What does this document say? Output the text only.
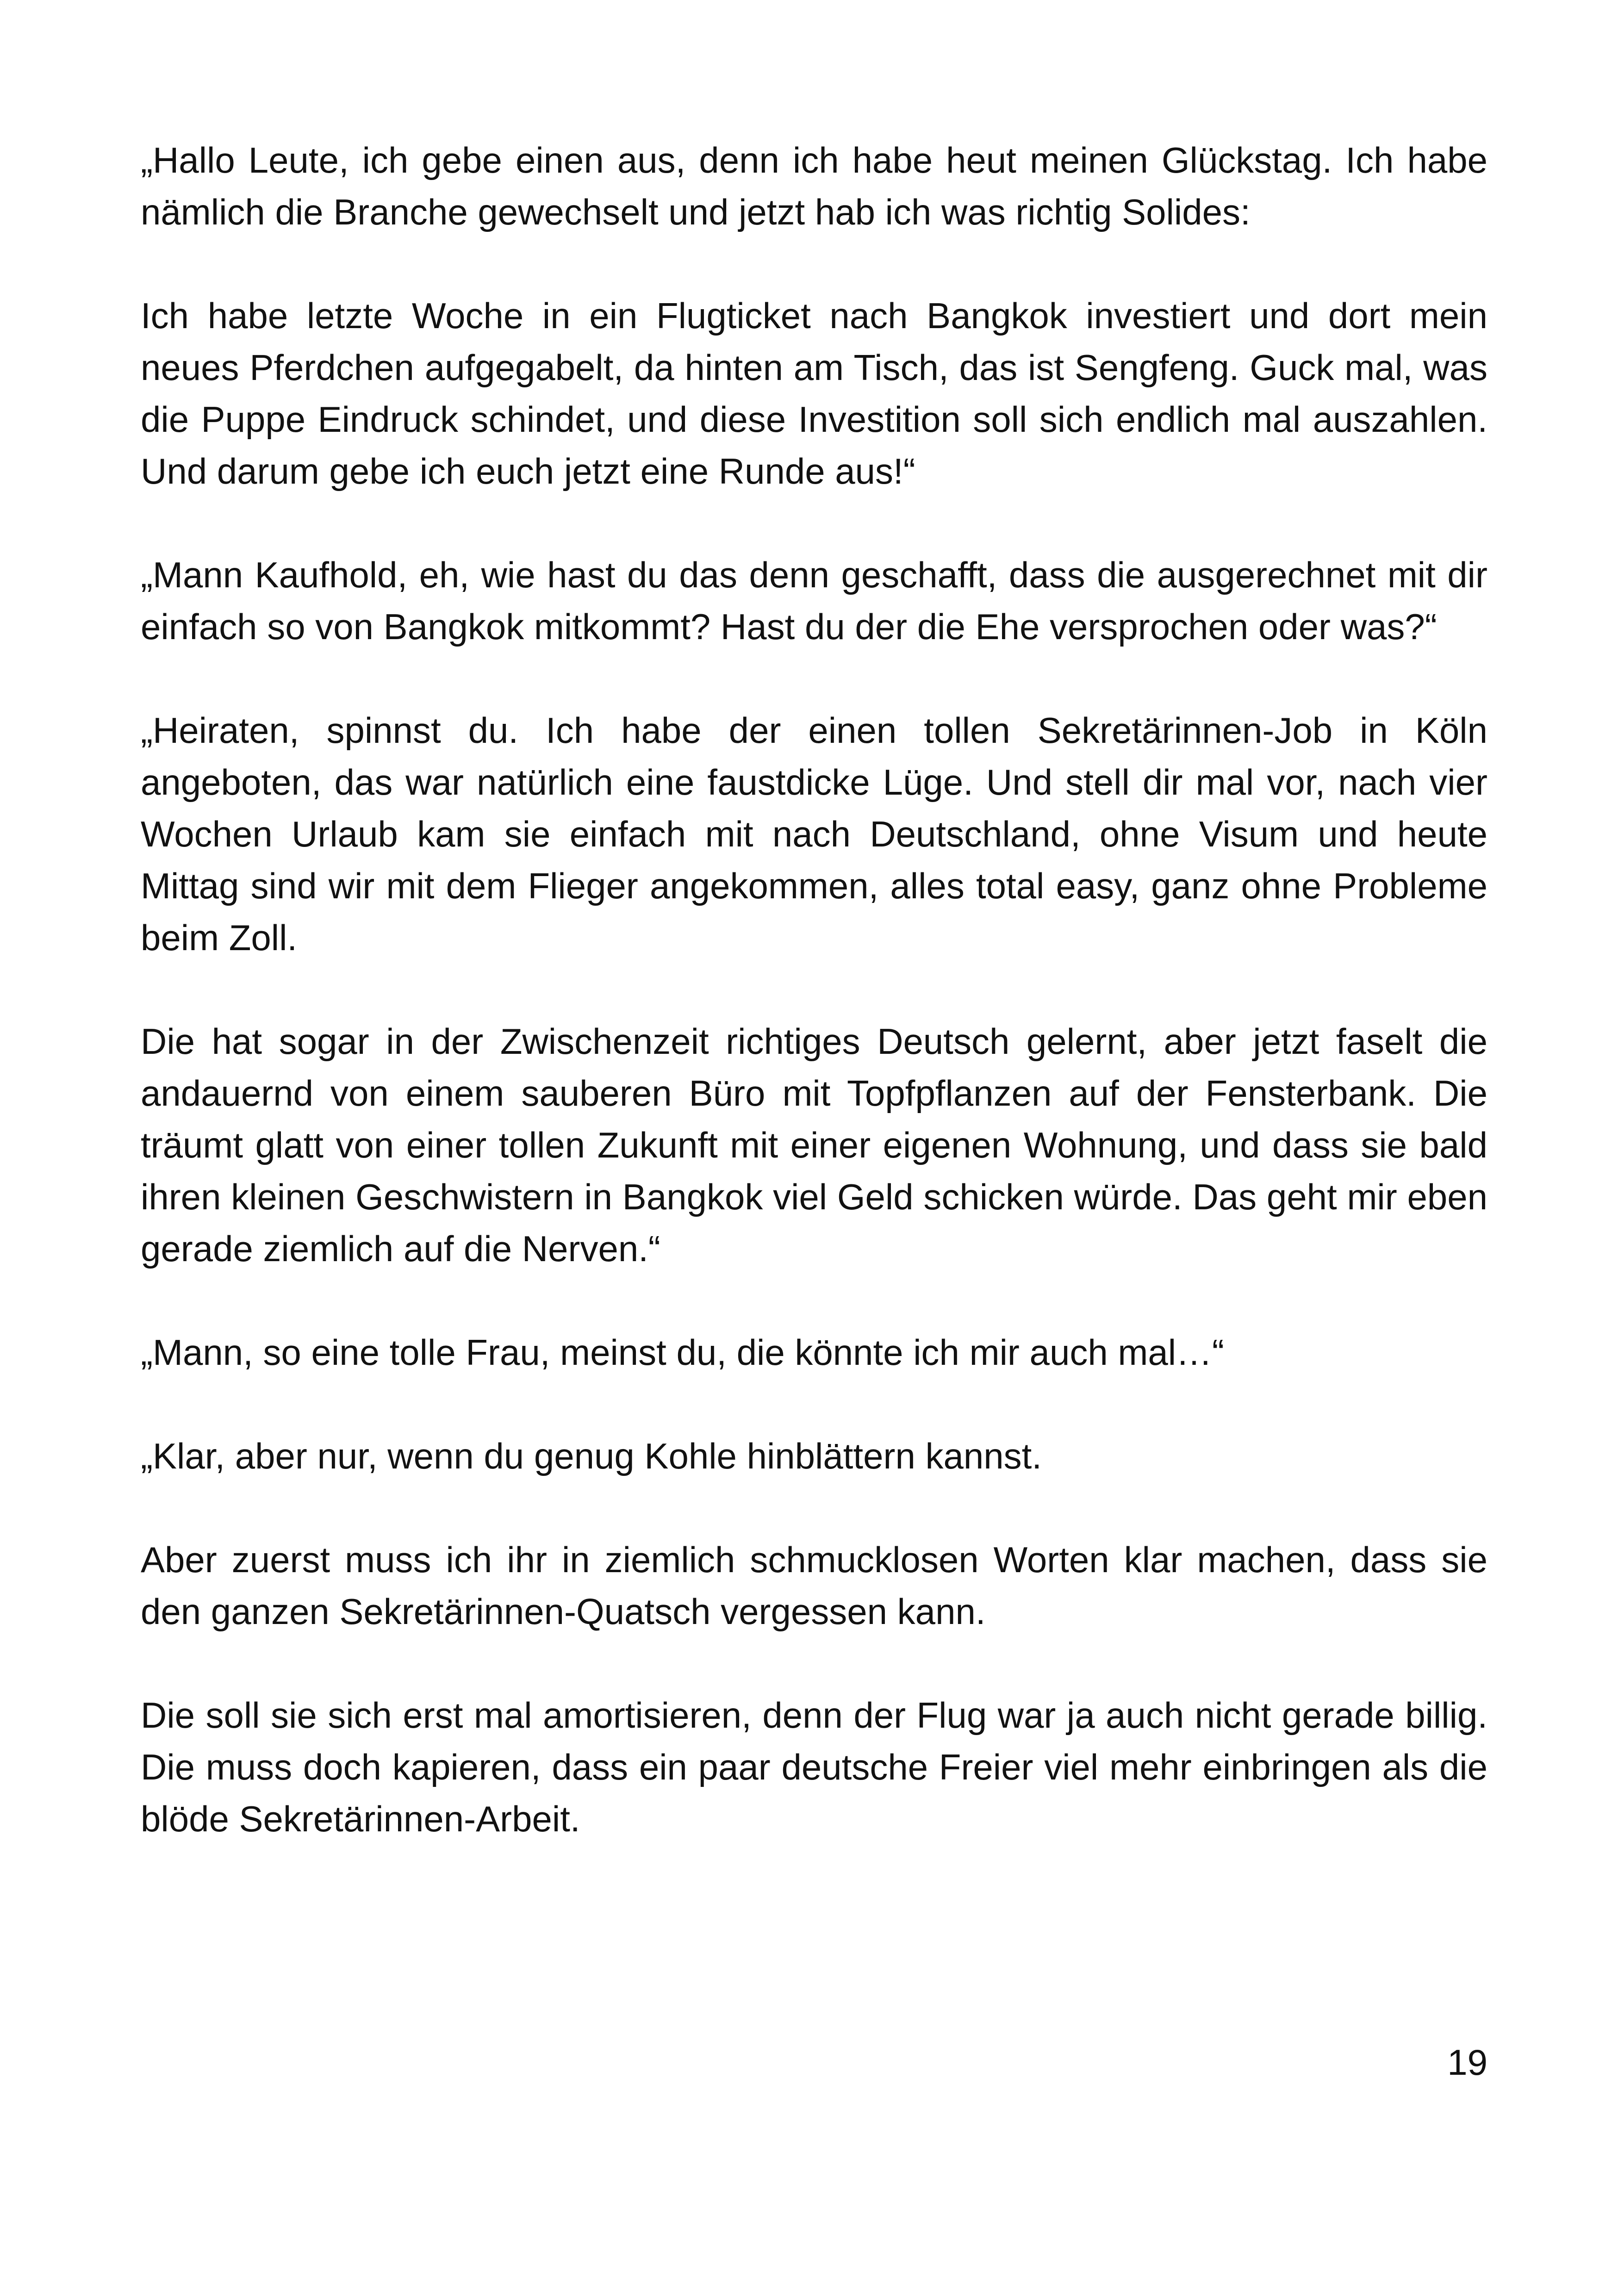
„Hallo Leute, ich gebe einen aus, denn ich habe heut meinen Glückstag. Ich habe nämlich die Branche gewechselt und jetzt hab ich was richtig Solides:

Ich habe letzte Woche in ein Flugticket nach Bangkok investiert und dort mein neues Pferdchen aufgegabelt, da hinten am Tisch, das ist Sengfeng. Guck mal, was die Puppe Eindruck schindet, und diese Investition soll sich endlich mal auszahlen. Und darum gebe ich euch jetzt eine Runde aus!“

„Mann Kaufhold, eh, wie hast du das denn geschafft, dass die ausgerechnet mit dir einfach so von Bangkok mitkommt? Hast du der die Ehe versprochen oder was?“

„Heiraten, spinnst du. Ich habe der einen tollen Sekretärinnen-Job in Köln angeboten, das war natürlich eine faustdicke Lüge. Und stell dir mal vor, nach vier Wochen Urlaub kam sie einfach mit nach Deutschland, ohne Visum und heute Mittag sind wir mit dem Flieger angekommen, alles total easy, ganz ohne Probleme beim Zoll.

Die hat sogar in der Zwischenzeit richtiges Deutsch gelernt, aber jetzt faselt die andauernd von einem sauberen Büro mit Topfpflanzen auf der Fensterbank. Die träumt glatt von einer tollen Zukunft mit einer eigenen Wohnung, und dass sie bald ihren kleinen Geschwistern in Bangkok viel Geld schicken würde. Das geht mir eben gerade ziemlich auf die Nerven.“

„Mann, so eine tolle Frau, meinst du, die könnte ich mir auch mal…“

„Klar, aber nur, wenn du genug Kohle hinblättern kannst.

Aber zuerst muss ich ihr in ziemlich schmucklosen Worten klar machen, dass sie den ganzen Sekretärinnen-Quatsch vergessen kann.

Die soll sie sich erst mal amortisieren, denn der Flug war ja auch nicht gerade billig. Die muss doch kapieren, dass ein paar deutsche Freier viel mehr einbringen als die blöde Sekretärinnen-Arbeit.

19
